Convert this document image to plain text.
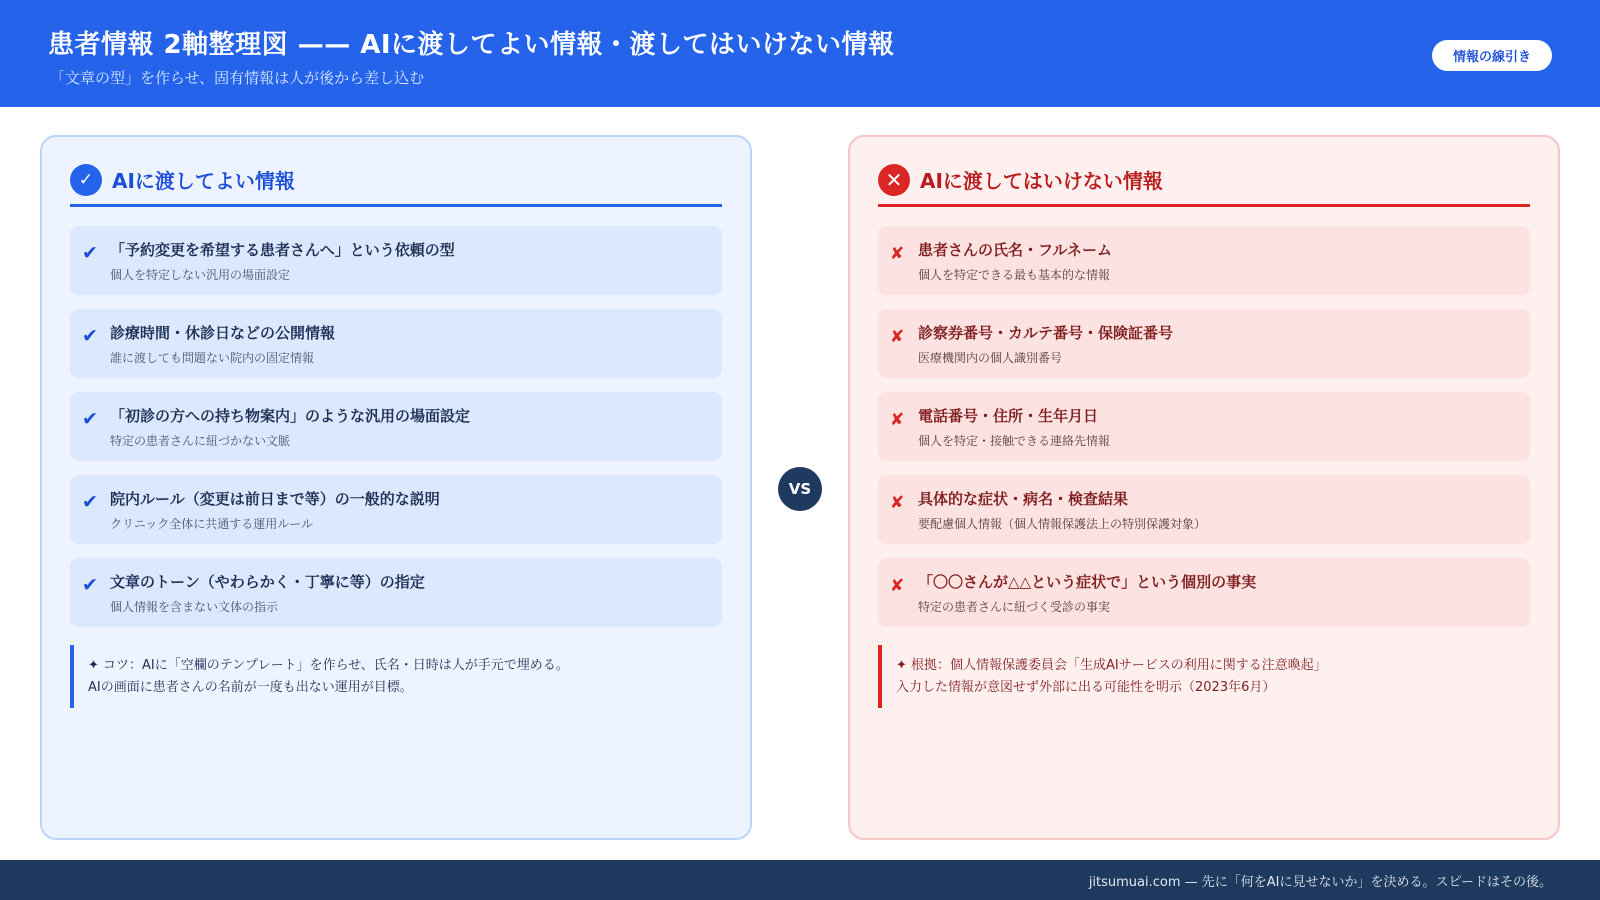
患者情報 2軸整理図 —— AIに渡してよい情報・渡してはいけない情報
「文章の型」を作らせ、固有情報は人が後から差し込む
情報の線引き
✓ AIに渡してよい情報
✔ 「予約変更を希望する患者さんへ」という依頼の型
個人を特定しない汎用の場面設定
✔ 診療時間・休診日などの公開情報
誰に渡しても問題ない院内の固定情報
✔ 「初診の方への持ち物案内」のような汎用の場面設定
特定の患者さんに紐づかない文脈
✔ 院内ルール（変更は前日まで等）の一般的な説明
クリニック全体に共通する運用ルール
✔ 文章のトーン（やわらかく・丁寧に等）の指定
個人情報を含まない文体の指示
✦ コツ：AIに「空欄のテンプレート」を作らせ、氏名・日時は人が手元で埋める。
AIの画面に患者さんの名前が一度も出ない運用が目標。
VS
✕ AIに渡してはいけない情報
✘ 患者さんの氏名・フルネーム
個人を特定できる最も基本的な情報
✘ 診察券番号・カルテ番号・保険証番号
医療機関内の個人識別番号
✘ 電話番号・住所・生年月日
個人を特定・接触できる連絡先情報
✘ 具体的な症状・病名・検査結果
要配慮個人情報（個人情報保護法上の特別保護対象）
✘ 「〇〇さんが△△という症状で」という個別の事実
特定の患者さんに紐づく受診の事実
✦ 根拠：個人情報保護委員会「生成AIサービスの利用に関する注意喚起」
入力した情報が意図せず外部に出る可能性を明示（2023年6月）
jitsumuai.com — 先に「何をAIに見せないか」を決める。スピードはその後。
